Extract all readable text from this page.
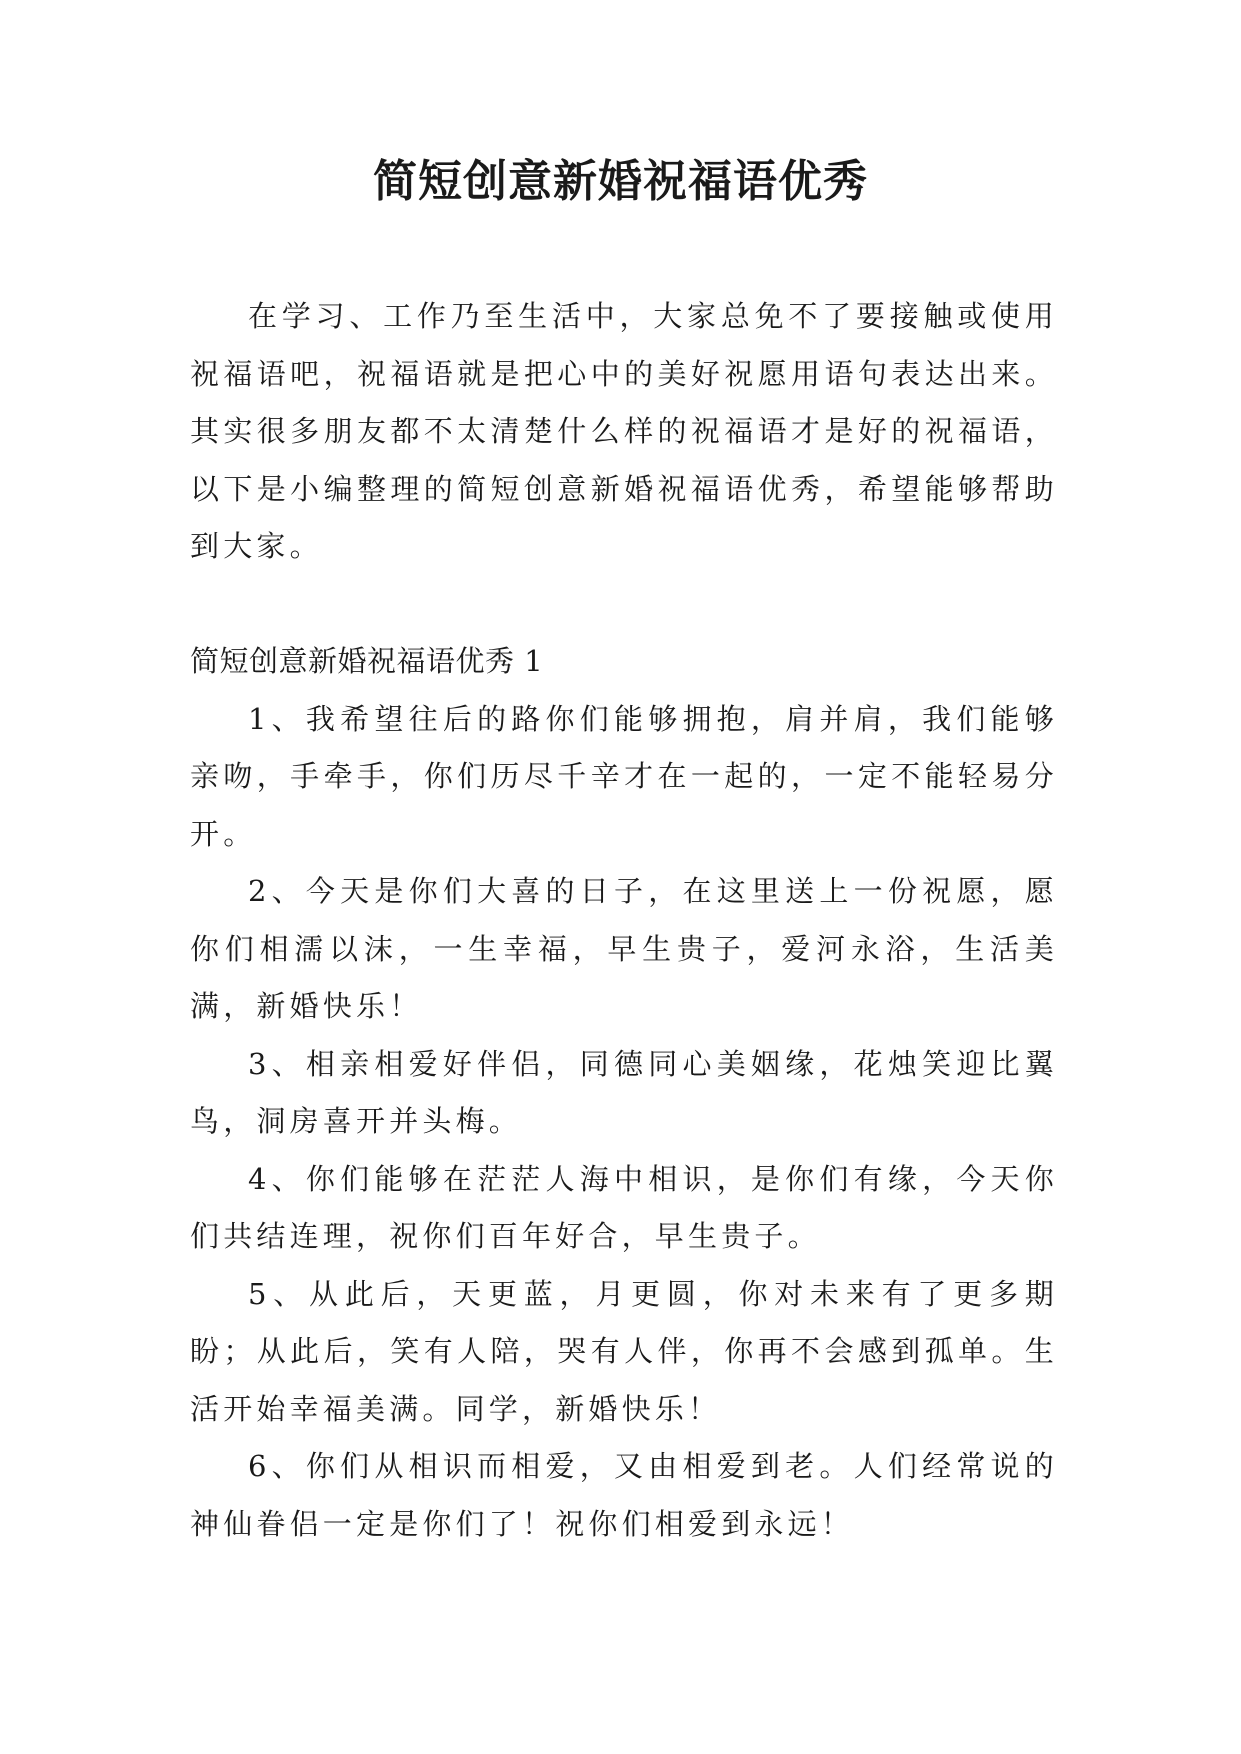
简短创意新婚祝福语优秀

在学习、工作乃至生活中，大家总免不了要接触或使用祝福语吧，祝福语就是把心中的美好祝愿用语句表达出来。其实很多朋友都不太清楚什么样的祝福语才是好的祝福语，以下是小编整理的简短创意新婚祝福语优秀，希望能够帮助到大家。

简短创意新婚祝福语优秀 1

1、我希望往后的路你们能够拥抱，肩并肩，我们能够亲吻，手牵手，你们历尽千辛才在一起的，一定不能轻易分开。

2、今天是你们大喜的日子，在这里送上一份祝愿，愿你们相濡以沫，一生幸福，早生贵子，爱河永浴，生活美满，新婚快乐！

3、相亲相爱好伴侣，同德同心美姻缘，花烛笑迎比翼鸟，洞房喜开并头梅。

4、你们能够在茫茫人海中相识，是你们有缘，今天你们共结连理，祝你们百年好合，早生贵子。

5、从此后，天更蓝，月更圆，你对未来有了更多期盼；从此后，笑有人陪，哭有人伴，你再不会感到孤单。生活开始幸福美满。同学，新婚快乐！

6、你们从相识而相爱，又由相爱到老。人们经常说的神仙眷侣一定是你们了！祝你们相爱到永远！
